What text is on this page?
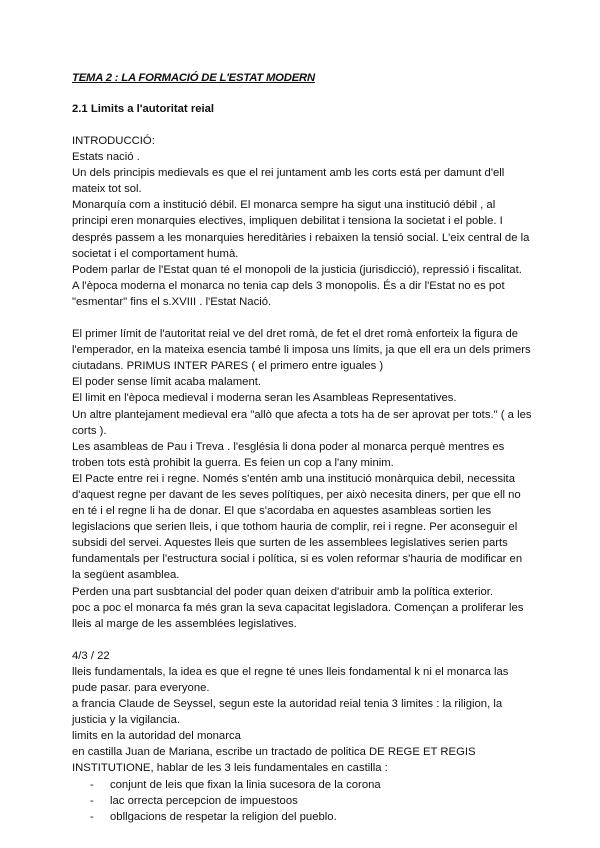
TEMA 2 : LA FORMACIÓ DE L'ESTAT MODERN

2.1 Limits a l'autoritat reial

INTRODUCCIÓ:

Estats nació .

Un dels principis medievals es que el rei juntament amb les corts está per damunt d'ell mateix tot sol.

Monarquía com a institució débil. El monarca sempre ha sigut una institució débil , al principi eren monarquies electives, impliquen debilitat i tensiona la societat i el poble. I després passem a les monarquies hereditàries i rebaixen la tensió social. L'eix central de la societat i el comportament humà.

Podem parlar de l'Estat quan té el monopoli de la justicia (jurisdicció), repressió i fiscalitat.

A l'època moderna el monarca no tenia cap dels 3 monopolis. És a dir l'Estat no es pot "esmentar" fins el s.XVIII . l'Estat Nació.

El primer límit de l'autoritat reial ve del dret romà, de fet el dret romà enforteix la figura de l'emperador, en la mateixa esencia també li imposa uns límits, ja que ell era un dels primers ciutadans. PRIMUS INTER PARES ( el primero entre iguales )

El poder sense límit acaba malament.

El limit en l'època medieval i moderna seran les Asambleas Representatives.

Un altre plantejament medieval era "allò que afecta a tots ha de ser aprovat per tots." ( a les corts ).

Les asambleas de Pau i Treva . l'església li dona poder al monarca perquè mentres es troben tots està prohibit la guerra. Es feien un cop a l'any minim.

El Pacte entre rei i regne. Només s'entén amb una institució monàrquica debil, necessita d'aquest regne per davant de les seves polítiques, per això necesita diners, per que ell no en té i el regne li ha de donar. El que s'acordaba en aquestes asambleas sortien les legislacions que serien lleis, i que tothom hauria de complir, rei i regne. Per aconseguir el subsidi del servei. Aquestes lleis que surten de les assemblees legislatives serien parts fundamentals per l'estructura social i política, si es volen reformar s'hauria de modificar en la següent asamblea.

Perden una part susbtancial del poder quan deixen d'atribuir amb la política exterior.

poc a poc el monarca fa més gran la seva capacitat legisladora. Començan a proliferar les lleis al marge de les assemblées legislatives.

4/3 / 22

lleis fundamentals, la idea es que el regne té unes lleis fondamental k ni el monarca las pude pasar. para everyone.

a francia Claude de Seyssel, segun este la autoridad reial tenia 3 limites : la riligion, la justicia y la vigilancia.

limits en la autoridad del monarca

en castilla Juan de Mariana, escribe un tractado de politica DE REGE ET REGIS INSTITUTIONE, hablar de les 3 leis fundamentales en castilla :

- conjunt de leis que fixan la linia sucesora de la corona
- lac orrecta percepcion de impuestoos
- obllgacions de respetar la religion del pueblo.
